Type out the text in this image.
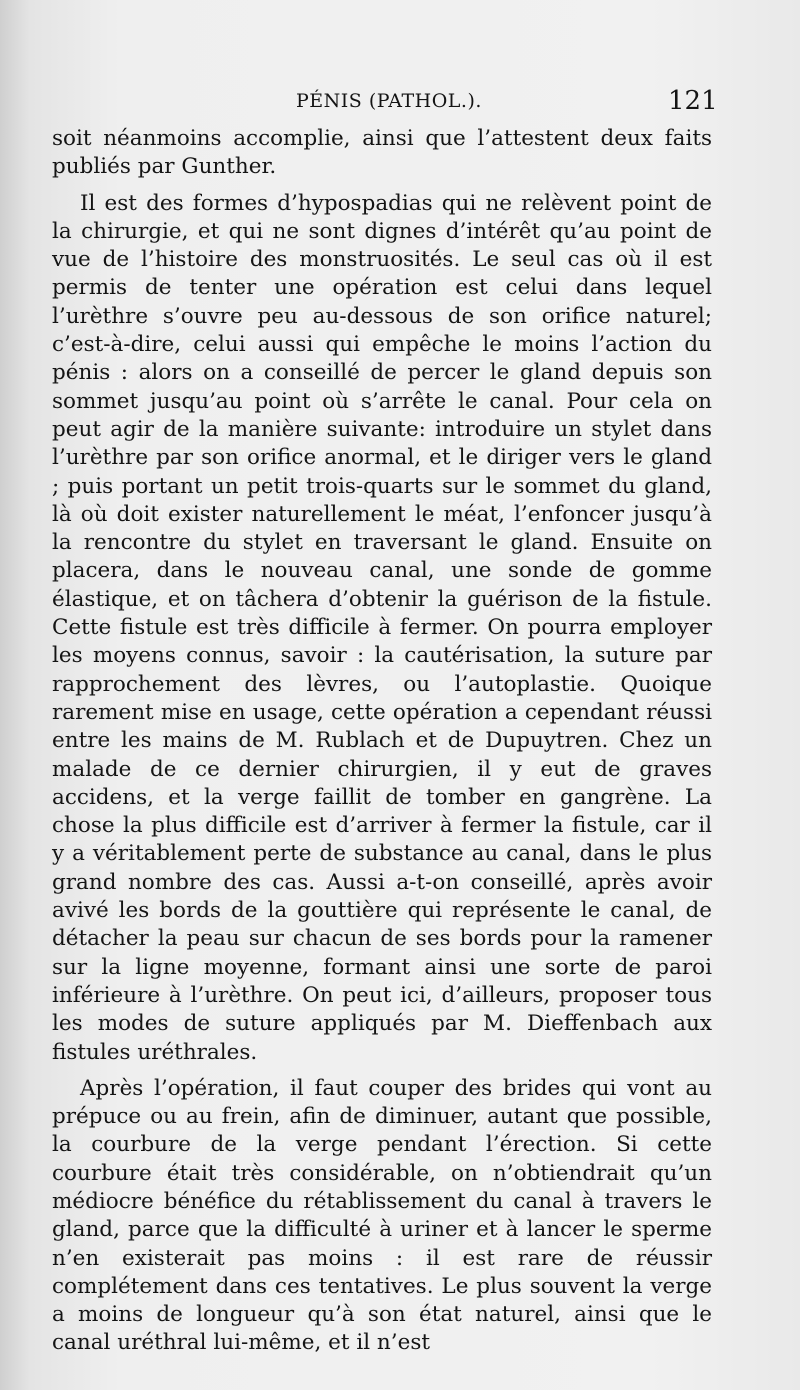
PÉNIS (PATHOL.).	121

soit néanmoins accomplie, ainsi que l’attestent deux faits publiés par Gunther.

Il est des formes d’hypospadias qui ne relèvent point de la chirurgie, et qui ne sont dignes d’intérêt qu’au point de vue de l’histoire des monstruosités. Le seul cas où il est permis de tenter une opération est celui dans lequel l’urèthre s’ouvre peu au-dessous de son orifice naturel; c’est-à-dire, celui aussi qui empêche le moins l’action du pénis : alors on a conseillé de percer le gland depuis son sommet jusqu’au point où s’arrête le canal. Pour cela on peut agir de la manière suivante: introduire un stylet dans l’urèthre par son orifice anormal, et le diriger vers le gland ; puis portant un petit trois-quarts sur le sommet du gland, là où doit exister naturellement le méat, l’enfoncer jusqu’à la rencontre du stylet en traversant le gland. Ensuite on placera, dans le nouveau canal, une sonde de gomme élastique, et on tâchera d’obtenir la guérison de la fistule. Cette fistule est très difficile à fermer. On pourra employer les moyens connus, savoir : la cautérisation, la suture par rapprochement des lèvres, ou l’autoplastie. Quoique rarement mise en usage, cette opération a cependant réussi entre les mains de M. Rublach et de Dupuytren. Chez un malade de ce dernier chirurgien, il y eut de graves accidens, et la verge faillit de tomber en gangrène. La chose la plus difficile est d’arriver à fermer la fistule, car il y a véritablement perte de substance au canal, dans le plus grand nombre des cas. Aussi a-t-on conseillé, après avoir avivé les bords de la gouttière qui représente le canal, de détacher la peau sur chacun de ses bords pour la ramener sur la ligne moyenne, formant ainsi une sorte de paroi inférieure à l’urèthre. On peut ici, d’ailleurs, proposer tous les modes de suture appliqués par M. Dieffenbach aux fistules uréthrales.

Après l’opération, il faut couper des brides qui vont au prépuce ou au frein, afin de diminuer, autant que possible, la courbure de la verge pendant l’érection. Si cette courbure était très considérable, on n’obtiendrait qu’un médiocre bénéfice du rétablissement du canal à travers le gland, parce que la difficulté à uriner et à lancer le sperme n’en existerait pas moins : il est rare de réussir complétement dans ces tentatives. Le plus souvent la verge a moins de longueur qu’à son état naturel, ainsi que le canal uréthral lui-même, et il n’est
